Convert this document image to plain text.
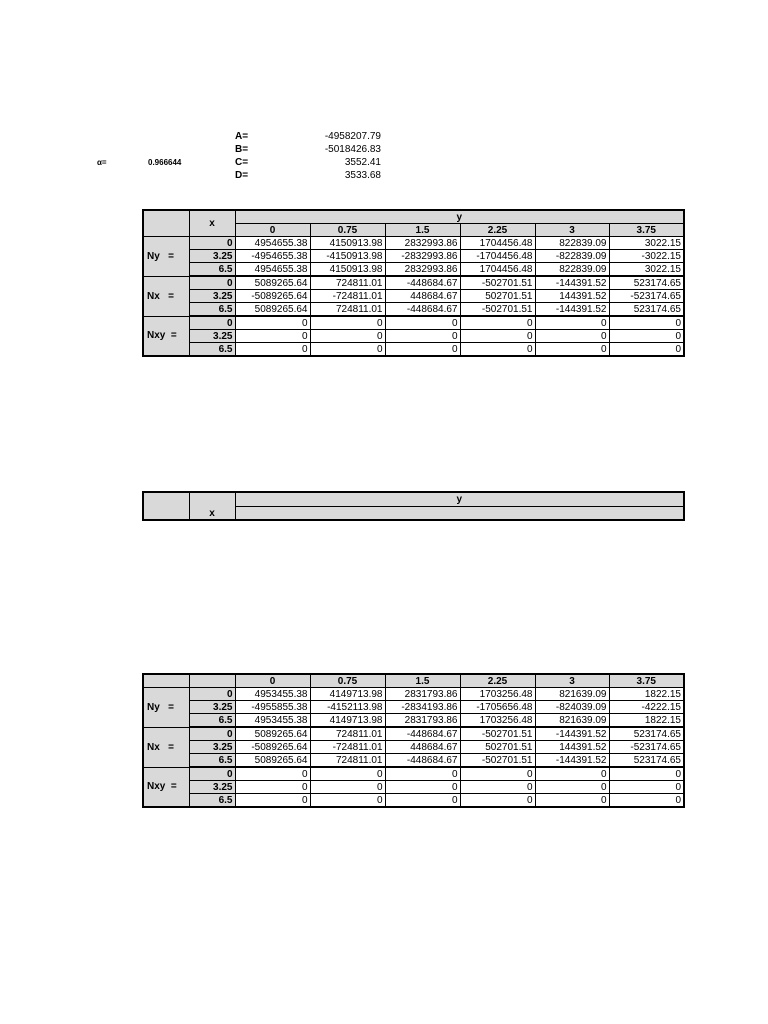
α=	0.966644
A=	-4958207.79
B=	-5018426.83
C=	3552.41
D=	3533.68
	x	y					
		0	0.75	1.5	2.25	3	3.75
Ny   =	0	4954655.38	4150913.98	2832993.86	1704456.48	822839.09	3022.15
	3.25	-4954655.38	-4150913.98	-2832993.86	-1704456.48	-822839.09	-3022.15
	6.5	4954655.38	4150913.98	2832993.86	1704456.48	822839.09	3022.15
Nx   =	0	5089265.64	724811.01	-448684.67	-502701.51	-144391.52	523174.65
	3.25	-5089265.64	-724811.01	448684.67	502701.51	144391.52	-523174.65
	6.5	5089265.64	724811.01	-448684.67	-502701.51	-144391.52	523174.65
Nxy  =	0	0	0	0	0	0	0
	3.25	0	0	0	0	0	0
	6.5	0	0	0	0	0	0
	x	y

		0	0.75	1.5	2.25	3	3.75
Ny   =	0	4953455.38	4149713.98	2831793.86	1703256.48	821639.09	1822.15
	3.25	-4955855.38	-4152113.98	-2834193.86	-1705656.48	-824039.09	-4222.15
	6.5	4953455.38	4149713.98	2831793.86	1703256.48	821639.09	1822.15
Nx   =	0	5089265.64	724811.01	-448684.67	-502701.51	-144391.52	523174.65
	3.25	-5089265.64	-724811.01	448684.67	502701.51	144391.52	-523174.65
	6.5	5089265.64	724811.01	-448684.67	-502701.51	-144391.52	523174.65
Nxy  =	0	0	0	0	0	0	0
	3.25	0	0	0	0	0	0
	6.5	0	0	0	0	0	0
